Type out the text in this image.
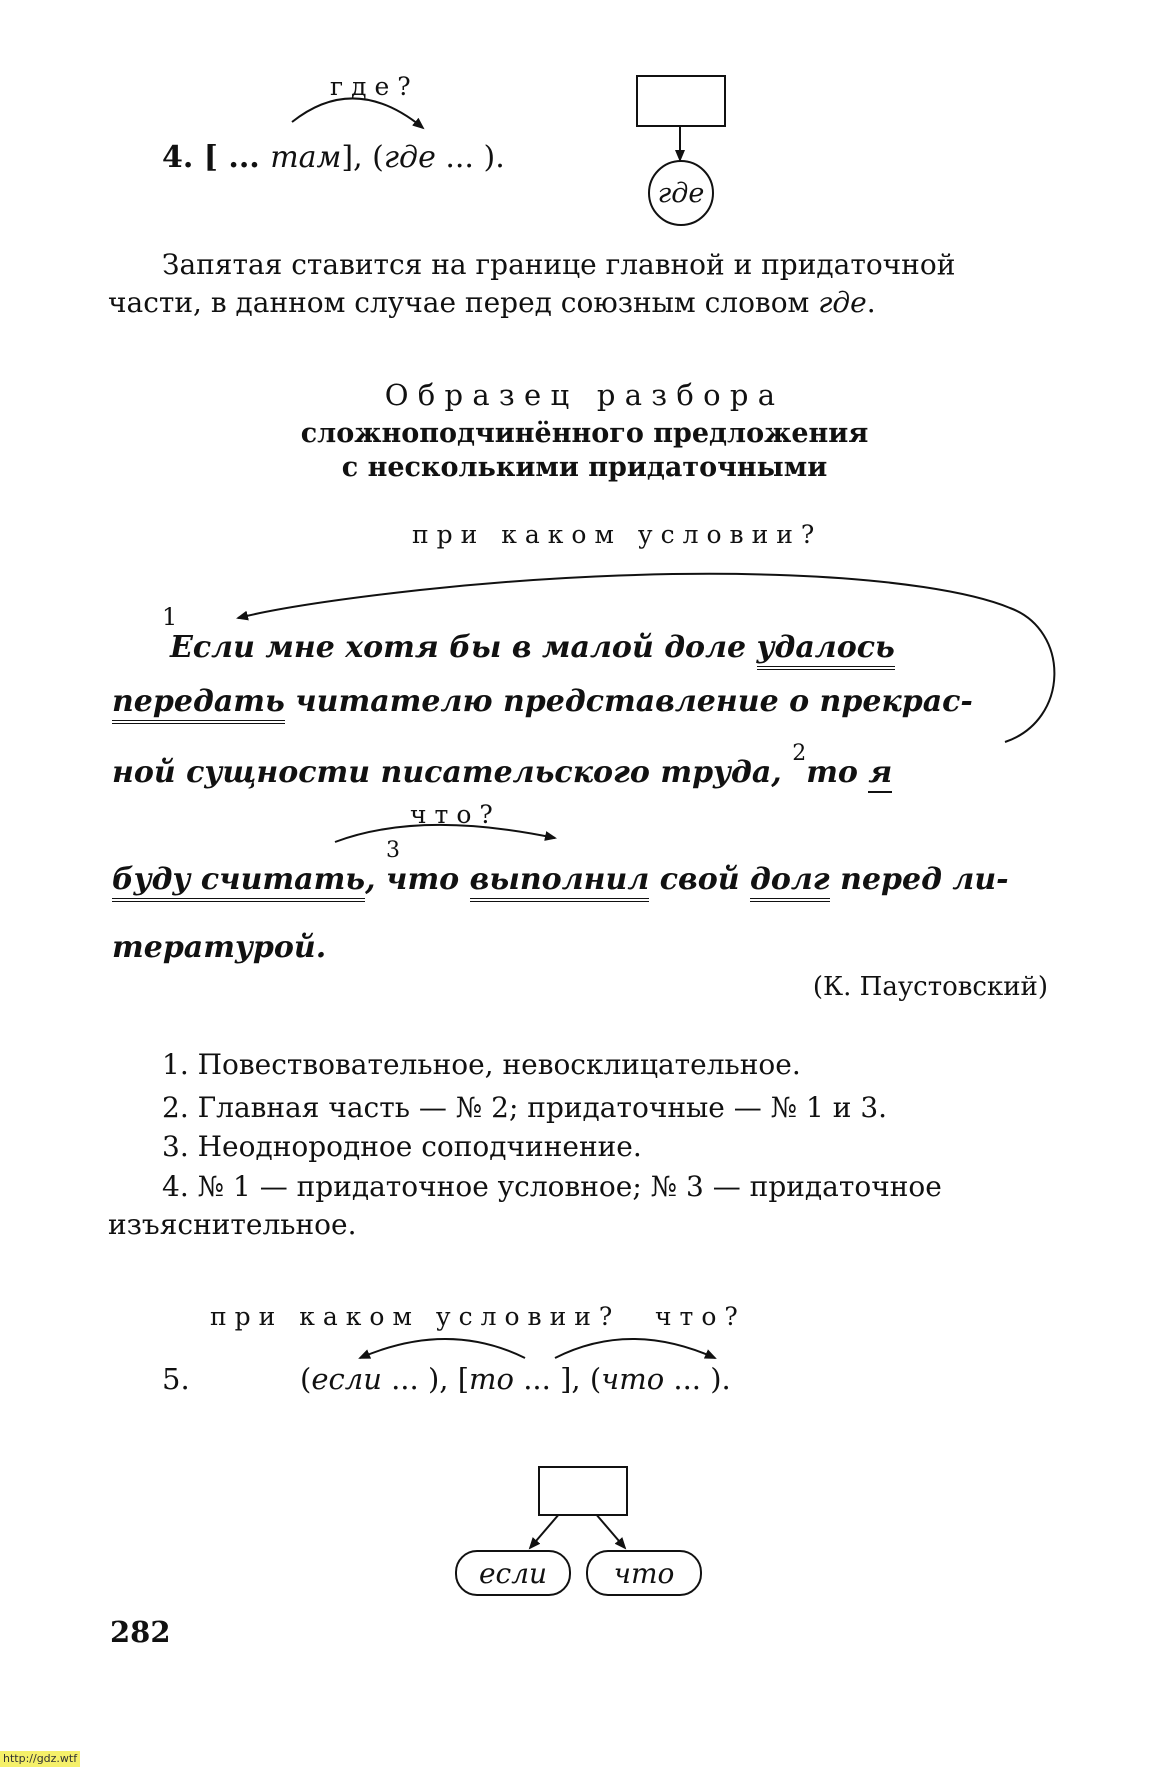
где?
4. [ ... там], (где ... ).
где
Запятая ставится на границе главной и придаточной
части, в данном случае перед союзным словом где.
Образец разбора
сложноподчинённого предложения
с несколькими придаточными
при каком условии?
1
Если мне хотя бы в малой доле удалось
передать читателю представление о прекрас-
ной сущности писательского труда, $^2$то я
что?
3
буду считать, что выполнил свой долг перед ли-
тературой.
(К. Паустовский)
1. Повествовательное, невосклицательное.
2. Главная часть — № 2; придаточные — № 1 и 3.
3. Неоднородное соподчинение.
4. № 1 — придаточное условное; № 3 — придаточное
изъяснительное.
при каком условии? что?
5.	(если ... ), [то ... ], (что ... ).
если что
282
http://gdz.wtf
